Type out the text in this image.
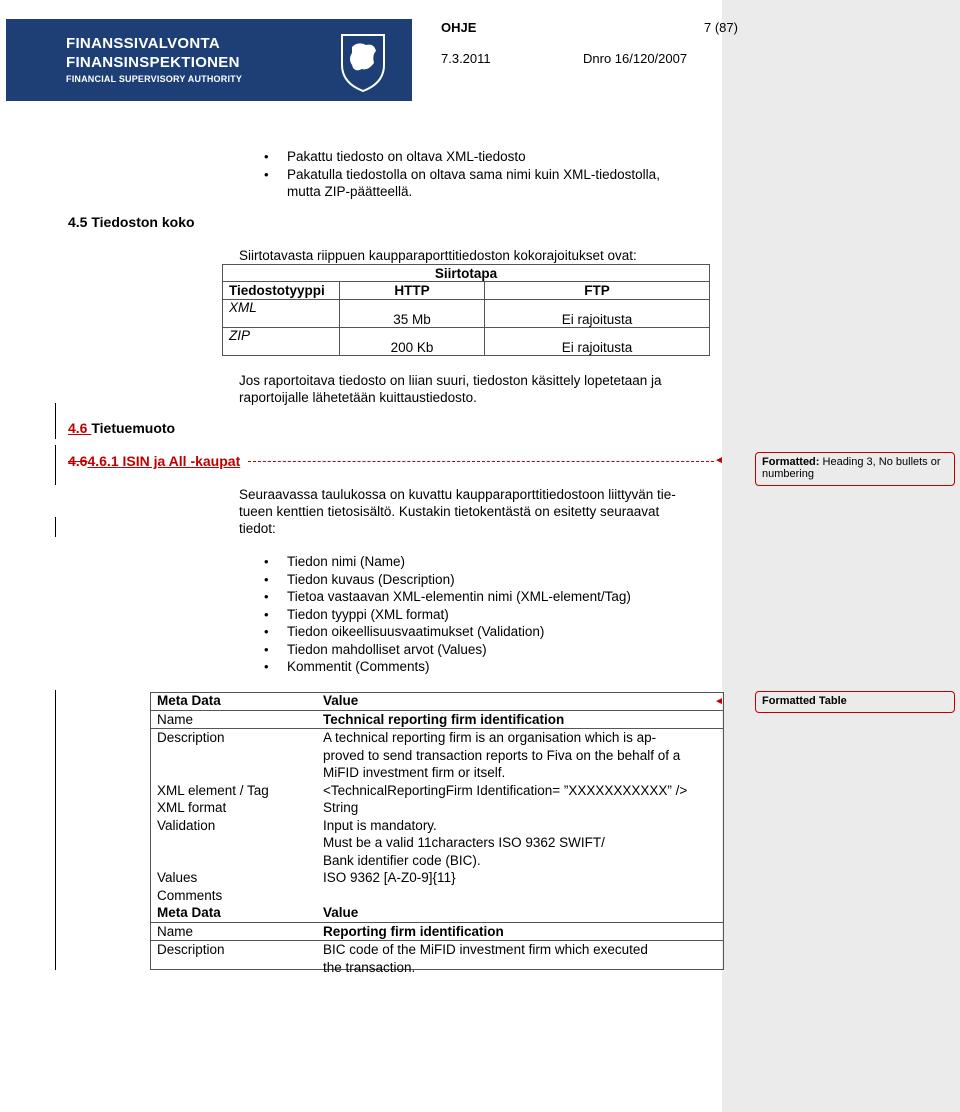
FINANSSIVALVONTA
FINANSINSPEKTIONEN
FINANCIAL SUPERVISORY AUTHORITY
OHJE	7 (87)
7.3.2011	Dnro 16/120/2007
• Pakattu tiedosto on oltava XML-tiedosto
• Pakatulla tiedostolla on oltava sama nimi kuin XML-tiedostolla,
mutta ZIP-päätteellä.
4.5 Tiedoston koko
Siirtotavasta riippuen kaupparaporttitiedoston kokorajoitukset ovat:
Siirtotapa		
Tiedostotyyppi	HTTP	FTP
XML	35 Mb	Ei rajoitusta
ZIP	200 Kb	Ei rajoitusta
Jos raportoitava tiedosto on liian suuri, tiedoston käsittely lopetetaan ja
raportoijalle lähetetään kuittaustiedosto.
4.6 Tietuemuoto
4.64.6.1 ISIN ja All -kaupat	◄	Formatted: Heading 3, No bullets or numbering
Seuraavassa taulukossa on kuvattu kaupparaporttitiedostoon liittyvän tie-
tueen kenttien tietosisältö. Kustakin tietokentästä on esitetty seuraavat
tiedot:
• Tiedon nimi (Name)
• Tiedon kuvaus (Description)
• Tietoa vastaavan XML-elementin nimi (XML-element/Tag)
• Tiedon tyyppi (XML format)
• Tiedon oikeellisuusvaatimukset (Validation)
• Tiedon mahdolliset arvot (Values)
• Kommentit (Comments)
◄	Formatted Table
Meta Data	Value

Name	Technical reporting firm identification

Description	A technical reporting firm is an organisation which is ap-
proved to send transaction reports to Fiva on the behalf of a
MiFID investment firm or itself.

XML element / Tag	<TechnicalReportingFirm Identification= ”XXXXXXXXXXX” />

XML format	String

Validation	Input is mandatory.
Must be a valid 11characters ISO 9362 SWIFT/
Bank identifier code (BIC).

Values	ISO 9362 [A-Z0-9]{11}

Comments	

Meta Data	Value

Name	Reporting firm identification

Description	BIC code of the MiFID investment firm which executed
the transaction.
